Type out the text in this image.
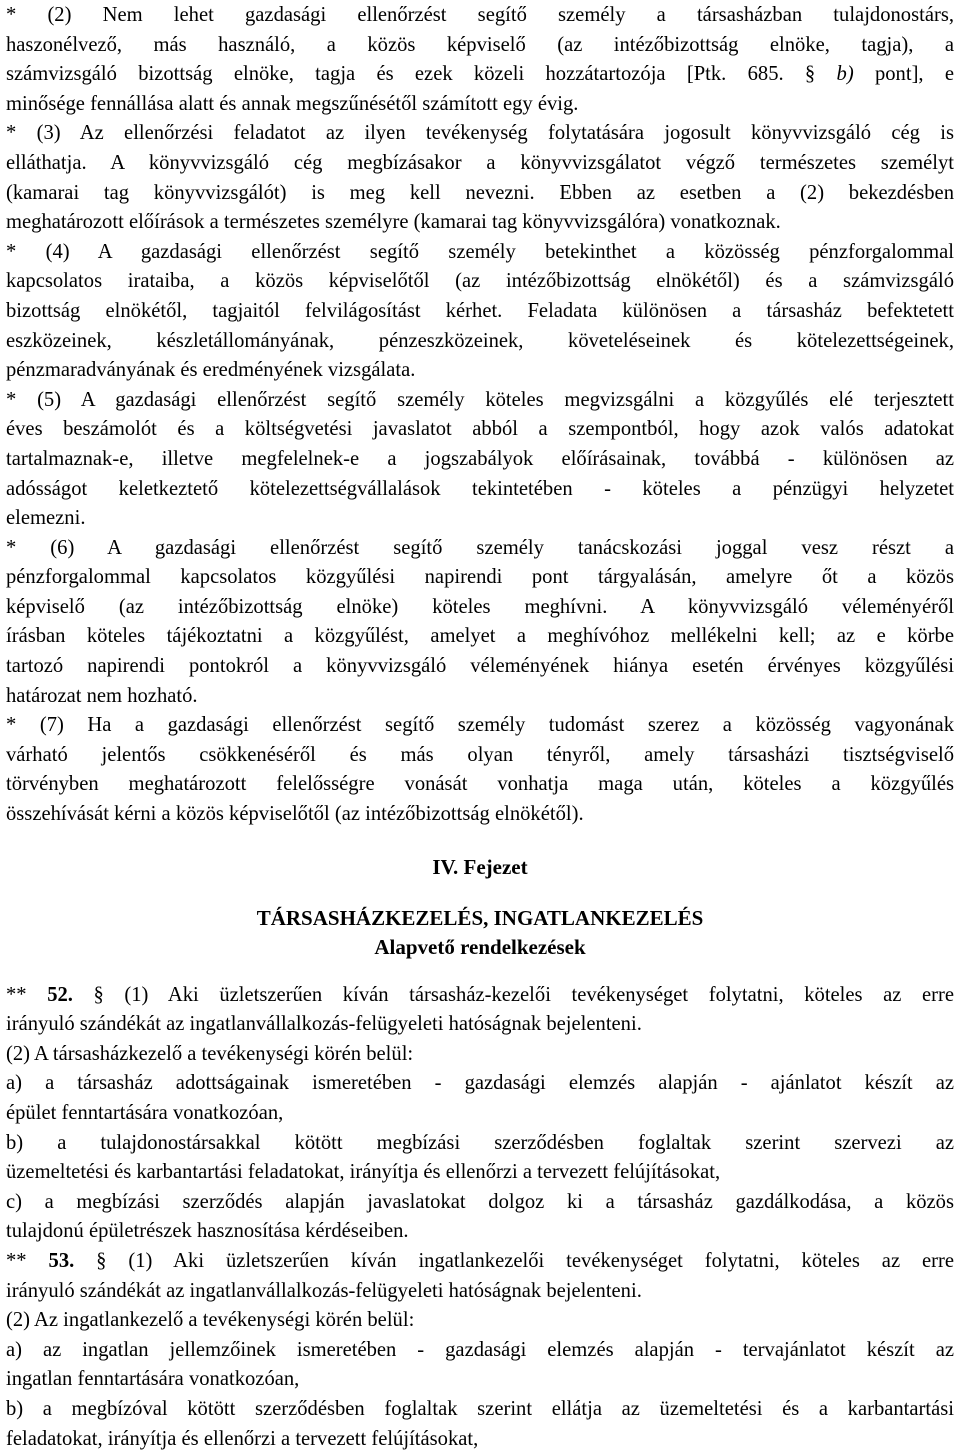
* (2) Nem lehet gazdasági ellenőrzést segítő személy a társasházban tulajdonostárs,
haszonélvező, más használó, a közös képviselő (az intézőbizottság elnöke, tagja), a
számvizsgáló bizottság elnöke, tagja és ezek közeli hozzátartozója [Ptk. 685. § b) pont], e
minősége fennállása alatt és annak megszűnésétől számított egy évig.
* (3) Az ellenőrzési feladatot az ilyen tevékenység folytatására jogosult könyvvizsgáló cég is
elláthatja. A könyvvizsgáló cég megbízásakor a könyvvizsgálatot végző természetes személyt
(kamarai tag könyvvizsgálót) is meg kell nevezni. Ebben az esetben a (2) bekezdésben
meghatározott előírások a természetes személyre (kamarai tag könyvvizsgálóra) vonatkoznak.
* (4) A gazdasági ellenőrzést segítő személy betekinthet a közösség pénzforgalommal
kapcsolatos irataiba, a közös képviselőtől (az intézőbizottság elnökétől) és a számvizsgáló
bizottság elnökétől, tagjaitól felvilágosítást kérhet. Feladata különösen a társasház befektetett
eszközeinek, készletállományának, pénzeszközeinek, követeléseinek és kötelezettségeinek,
pénzmaradványának és eredményének vizsgálata.
* (5) A gazdasági ellenőrzést segítő személy köteles megvizsgálni a közgyűlés elé terjesztett
éves beszámolót és a költségvetési javaslatot abból a szempontból, hogy azok valós adatokat
tartalmaznak-e, illetve megfelelnek-e a jogszabályok előírásainak, továbbá - különösen az
adósságot keletkeztető kötelezettségvállalások tekintetében - köteles a pénzügyi helyzetet
elemezni.
* (6) A gazdasági ellenőrzést segítő személy tanácskozási joggal vesz részt a
pénzforgalommal kapcsolatos közgyűlési napirendi pont tárgyalásán, amelyre őt a közös
képviselő (az intézőbizottság elnöke) köteles meghívni. A könyvvizsgáló véleményéről
írásban köteles tájékoztatni a közgyűlést, amelyet a meghívóhoz mellékelni kell; az e körbe
tartozó napirendi pontokról a könyvvizsgáló véleményének hiánya esetén érvényes közgyűlési
határozat nem hozható.
* (7) Ha a gazdasági ellenőrzést segítő személy tudomást szerez a közösség vagyonának
várható jelentős csökkenéséről és más olyan tényről, amely társasházi tisztségviselő
törvényben meghatározott felelősségre vonását vonhatja maga után, köteles a közgyűlés
összehívását kérni a közös képviselőtől (az intézőbizottság elnökétől).
IV. Fejezet
TÁRSASHÁZKEZELÉS, INGATLANKEZELÉS
Alapvető rendelkezések
** 52. § (1) Aki üzletszerűen kíván társasház-kezelői tevékenységet folytatni, köteles az erre
irányuló szándékát az ingatlanvállalkozás-felügyeleti hatóságnak bejelenteni.
(2) A társasházkezelő a tevékenységi körén belül:
a) a társasház adottságainak ismeretében - gazdasági elemzés alapján - ajánlatot készít az
épület fenntartására vonatkozóan,
b) a tulajdonostársakkal kötött megbízási szerződésben foglaltak szerint szervezi az
üzemeltetési és karbantartási feladatokat, irányítja és ellenőrzi a tervezett felújításokat,
c) a megbízási szerződés alapján javaslatokat dolgoz ki a társasház gazdálkodása, a közös
tulajdonú épületrészek hasznosítása kérdéseiben.
** 53. § (1) Aki üzletszerűen kíván ingatlankezelői tevékenységet folytatni, köteles az erre
irányuló szándékát az ingatlanvállalkozás-felügyeleti hatóságnak bejelenteni.
(2) Az ingatlankezelő a tevékenységi körén belül:
a) az ingatlan jellemzőinek ismeretében - gazdasági elemzés alapján - tervajánlatot készít az
ingatlan fenntartására vonatkozóan,
b) a megbízóval kötött szerződésben foglaltak szerint ellátja az üzemeltetési és a karbantartási
feladatokat, irányítja és ellenőrzi a tervezett felújításokat,
